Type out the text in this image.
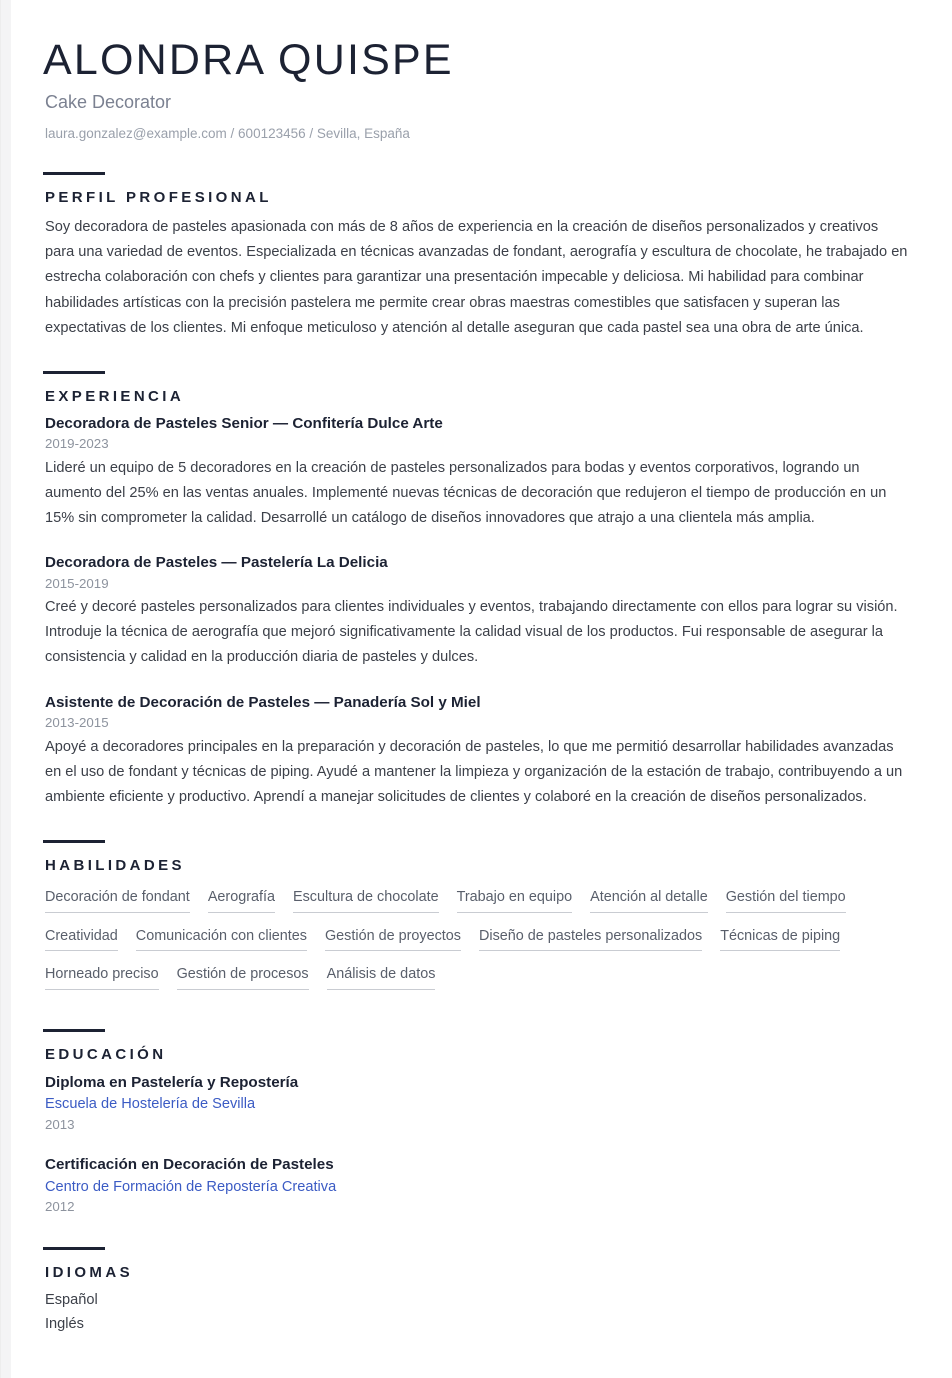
ALONDRA QUISPE
Cake Decorator
laura.gonzalez@example.com / 600123456 / Sevilla, España
PERFIL PROFESIONAL

Soy decoradora de pasteles apasionada con más de 8 años de experiencia en la creación de diseños personalizados y creativos para una variedad de eventos. Especializada en técnicas avanzadas de fondant, aerografía y escultura de chocolate, he trabajado en estrecha colaboración con chefs y clientes para garantizar una presentación impecable y deliciosa. Mi habilidad para combinar habilidades artísticas con la precisión pastelera me permite crear obras maestras comestibles que satisfacen y superan las expectativas de los clientes. Mi enfoque meticuloso y atención al detalle aseguran que cada pastel sea una obra de arte única.

EXPERIENCIA
Decoradora de Pasteles Senior — Confitería Dulce Arte
2019-2023

Lideré un equipo de 5 decoradores en la creación de pasteles personalizados para bodas y eventos corporativos, logrando un aumento del 25% en las ventas anuales. Implementé nuevas técnicas de decoración que redujeron el tiempo de producción en un 15% sin comprometer la calidad. Desarrollé un catálogo de diseños innovadores que atrajo a una clientela más amplia.

Decoradora de Pasteles — Pastelería La Delicia
2015-2019

Creé y decoré pasteles personalizados para clientes individuales y eventos, trabajando directamente con ellos para lograr su visión. Introduje la técnica de aerografía que mejoró significativamente la calidad visual de los productos. Fui responsable de asegurar la consistencia y calidad en la producción diaria de pasteles y dulces.

Asistente de Decoración de Pasteles — Panadería Sol y Miel
2013-2015

Apoyé a decoradores principales en la preparación y decoración de pasteles, lo que me permitió desarrollar habilidades avanzadas en el uso de fondant y técnicas de piping. Ayudé a mantener la limpieza y organización de la estación de trabajo, contribuyendo a un ambiente eficiente y productivo. Aprendí a manejar solicitudes de clientes y colaboré en la creación de diseños personalizados.

HABILIDADES
Decoración de fondant Aerografía Escultura de chocolate Trabajo en equipo Atención al detalle Gestión del tiempo
Creatividad Comunicación con clientes Gestión de proyectos Diseño de pasteles personalizados Técnicas de piping
Horneado preciso Gestión de procesos Análisis de datos
EDUCACIÓN
Diploma en Pastelería y Repostería
Escuela de Hostelería de Sevilla
2013
Certificación en Decoración de Pasteles
Centro de Formación de Repostería Creativa
2012
IDIOMAS
Español
Inglés
